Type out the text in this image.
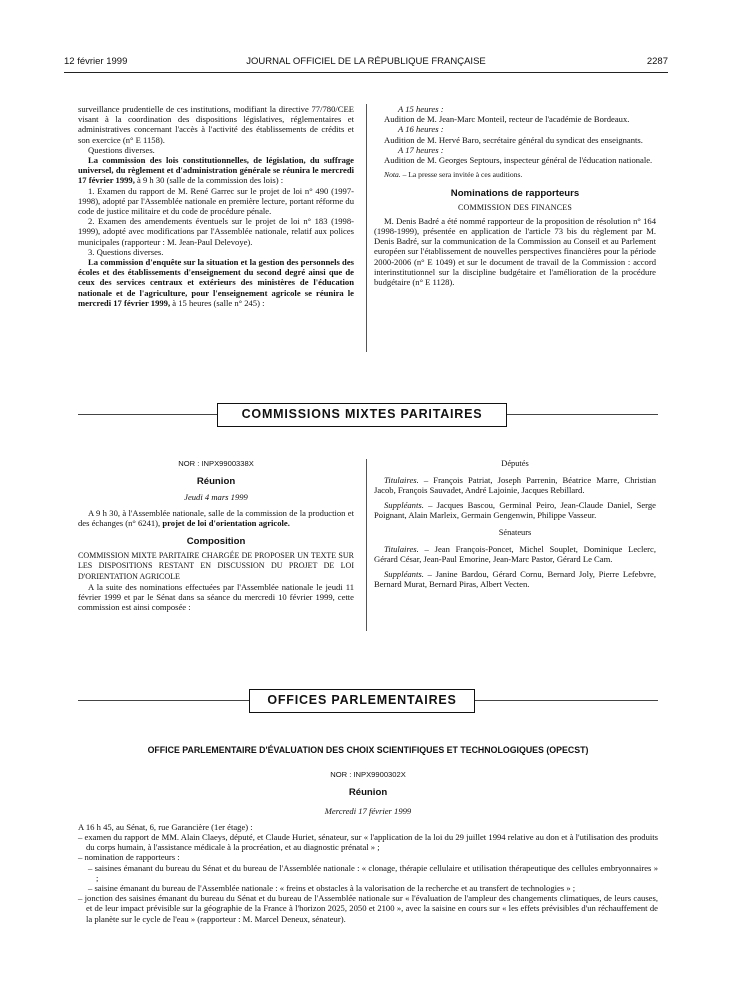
12 février 1999	JOURNAL OFFICIEL DE LA RÉPUBLIQUE FRANÇAISE	2287

surveillance prudentielle de ces institutions, modifiant la directive 77/780/CEE visant à la coordination des dispositions législatives, réglementaires et administratives concernant l'accès à l'activité des établissements de crédits et son exercice (n° E 1158).

Questions diverses.

La commission des lois constitutionnelles, de législation, du suffrage universel, du règlement et d'administration générale se réunira le mercredi 17 février 1999, à 9 h 30 (salle de la commission des lois) :

1. Examen du rapport de M. René Garrec sur le projet de loi n° 490 (1997-1998), adopté par l'Assemblée nationale en première lecture, portant réforme du code de justice militaire et du code de procédure pénale.

2. Examen des amendements éventuels sur le projet de loi n° 183 (1998-1999), adopté avec modifications par l'Assemblée nationale, relatif aux polices municipales (rapporteur : M. Jean-Paul Delevoye).

3. Questions diverses.

La commission d'enquête sur la situation et la gestion des personnels des écoles et des établissements d'enseignement du second degré ainsi que de ceux des services centraux et extérieurs des ministères de l'éducation nationale et de l'agriculture, pour l'enseignement agricole se réunira le mercredi 17 février 1999, à 15 heures (salle n° 245) :

A 15 heures :

Audition de M. Jean-Marc Monteil, recteur de l'académie de Bordeaux.

A 16 heures :

Audition de M. Hervé Baro, secrétaire général du syndicat des enseignants.

A 17 heures :

Audition de M. Georges Septours, inspecteur général de l'éducation nationale.

Nota. – La presse sera invitée à ces auditions.

Nominations de rapporteurs

COMMISSION DES FINANCES

M. Denis Badré a été nommé rapporteur de la proposition de résolution n° 164 (1998-1999), présentée en application de l'article 73 bis du règlement par M. Denis Badré, sur la communication de la Commission au Conseil et au Parlement européen sur l'établissement de nouvelles perspectives financières pour la période 2000-2006 (n° E 1049) et sur le document de travail de la Commission : accord interinstitutionnel sur la discipline budgétaire et l'amélioration de la procédure budgétaire (n° E 1128).

COMMISSIONS MIXTES PARITAIRES

NOR : INPX9900338X

Réunion

Jeudi 4 mars 1999

A 9 h 30, à l'Assemblée nationale, salle de la commission de la production et des échanges (n° 6241), projet de loi d'orientation agricole.

Composition

COMMISSION MIXTE PARITAIRE CHARGÉE DE PROPOSER UN TEXTE SUR LES DISPOSITIONS RESTANT EN DISCUSSION DU PROJET DE LOI D'ORIENTATION AGRICOLE

A la suite des nominations effectuées par l'Assemblée nationale le jeudi 11 février 1999 et par le Sénat dans sa séance du mercredi 10 février 1999, cette commission est ainsi composée :

Députés

Titulaires. – François Patriat, Joseph Parrenin, Béatrice Marre, Christian Jacob, François Sauvadet, André Lajoinie, Jacques Rebillard.

Suppléants. – Jacques Bascou, Germinal Peiro, Jean-Claude Daniel, Serge Poignant, Alain Marleix, Germain Gengenwin, Philippe Vasseur.

Sénateurs

Titulaires. – Jean François-Poncet, Michel Souplet, Dominique Leclerc, Gérard César, Jean-Paul Emorine, Jean-Marc Pastor, Gérard Le Cam.

Suppléants. – Janine Bardou, Gérard Cornu, Bernard Joly, Pierre Lefebvre, Bernard Murat, Bernard Piras, Albert Vecten.

OFFICES PARLEMENTAIRES

OFFICE PARLEMENTAIRE D'ÉVALUATION DES CHOIX SCIENTIFIQUES ET TECHNOLOGIQUES (OPECST)

NOR : INPX9900302X

Réunion

Mercredi 17 février 1999

A 16 h 45, au Sénat, 6, rue Garancière (1er étage) :

– examen du rapport de MM. Alain Claeys, député, et Claude Huriet, sénateur, sur « l'application de la loi du 29 juillet 1994 relative au don et à l'utilisation des produits du corps humain, à l'assistance médicale à la procréation, et au diagnostic prénatal » ;

– nomination de rapporteurs :

– saisines émanant du bureau du Sénat et du bureau de l'Assemblée nationale : « clonage, thérapie cellulaire et utilisation thérapeutique des cellules embryonnaires » ;

– saisine émanant du bureau de l'Assemblée nationale : « freins et obstacles à la valorisation de la recherche et au transfert de technologies » ;

– jonction des saisines émanant du bureau du Sénat et du bureau de l'Assemblée nationale sur « l'évaluation de l'ampleur des changements climatiques, de leurs causes, et de leur impact prévisible sur la géographie de la France à l'horizon 2025, 2050 et 2100 », avec la saisine en cours sur « les effets prévisibles d'un réchauffement de la planète sur le cycle de l'eau » (rapporteur : M. Marcel Deneux, sénateur).
